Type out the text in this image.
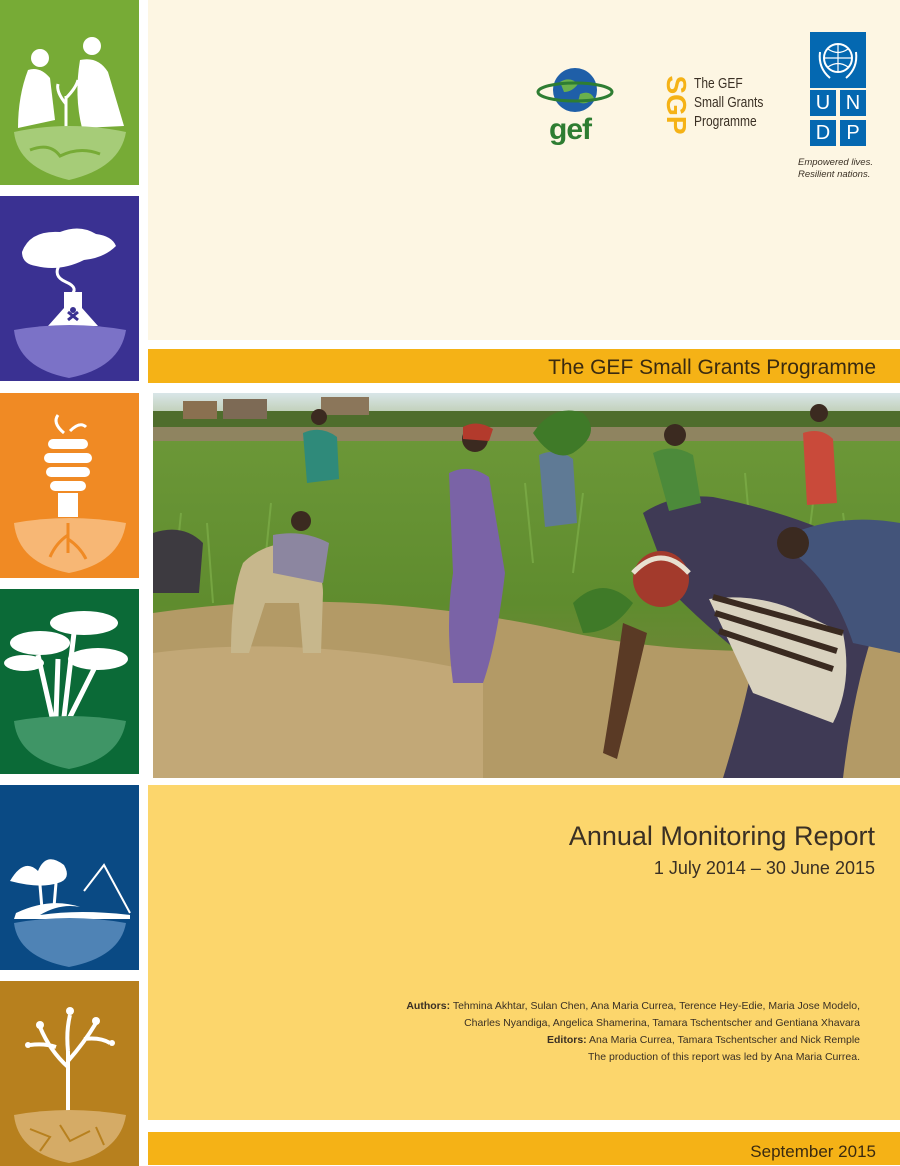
gef	SGP The GEF
Small Grants
Programme
U N
D P
Empowered lives.
Resilient nations.
The GEF Small Grants Programme
Annual Monitoring Report
1 July 2014 – 30 June 2015
Authors: Tehmina Akhtar, Sulan Chen, Ana Maria Currea, Terence Hey-Edie, Maria Jose Modelo,
Charles Nyandiga, Angelica Shamerina, Tamara Tschentscher and Gentiana Xhavara
Editors: Ana Maria Currea, Tamara Tschentscher and Nick Remple
The production of this report was led by Ana Maria Currea.
September 2015
